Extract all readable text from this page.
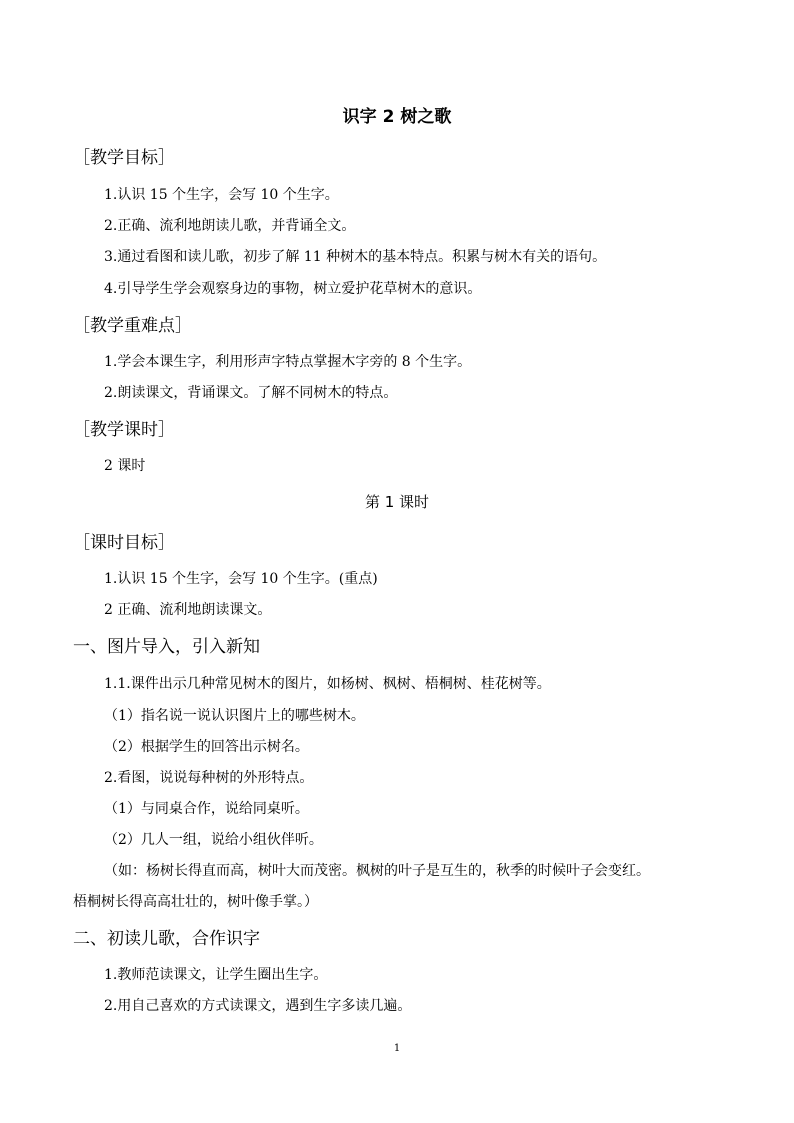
识字 2 树之歌
［教学目标］
1.认识 15 个生字，会写 10 个生字。
2.正确、流利地朗读儿歌，并背诵全文。
3.通过看图和读儿歌，初步了解 11 种树木的基本特点。积累与树木有关的语句。
4.引导学生学会观察身边的事物，树立爱护花草树木的意识。
［教学重难点］
1.学会本课生字，利用形声字特点掌握木字旁的 8 个生字。
2.朗读课文，背诵课文。了解不同树木的特点。
［教学课时］
2 课时
第 1 课时
［课时目标］
1.认识 15 个生字，会写 10 个生字。(重点)
2 正确、流利地朗读课文。
一、图片导入，引入新知
1.1.课件出示几种常见树木的图片，如杨树、枫树、梧桐树、桂花树等。
（1）指名说一说认识图片上的哪些树木。
（2）根据学生的回答出示树名。
2.看图，说说每种树的外形特点。
（1）与同桌合作，说给同桌听。
（2）几人一组，说给小组伙伴听。
（如：杨树长得直而高，树叶大而茂密。枫树的叶子是互生的，秋季的时候叶子会变红。
梧桐树长得高高壮壮的，树叶像手掌。）
二、初读儿歌，合作识字
1.教师范读课文，让学生圈出生字。
2.用自己喜欢的方式读课文，遇到生字多读几遍。
1
